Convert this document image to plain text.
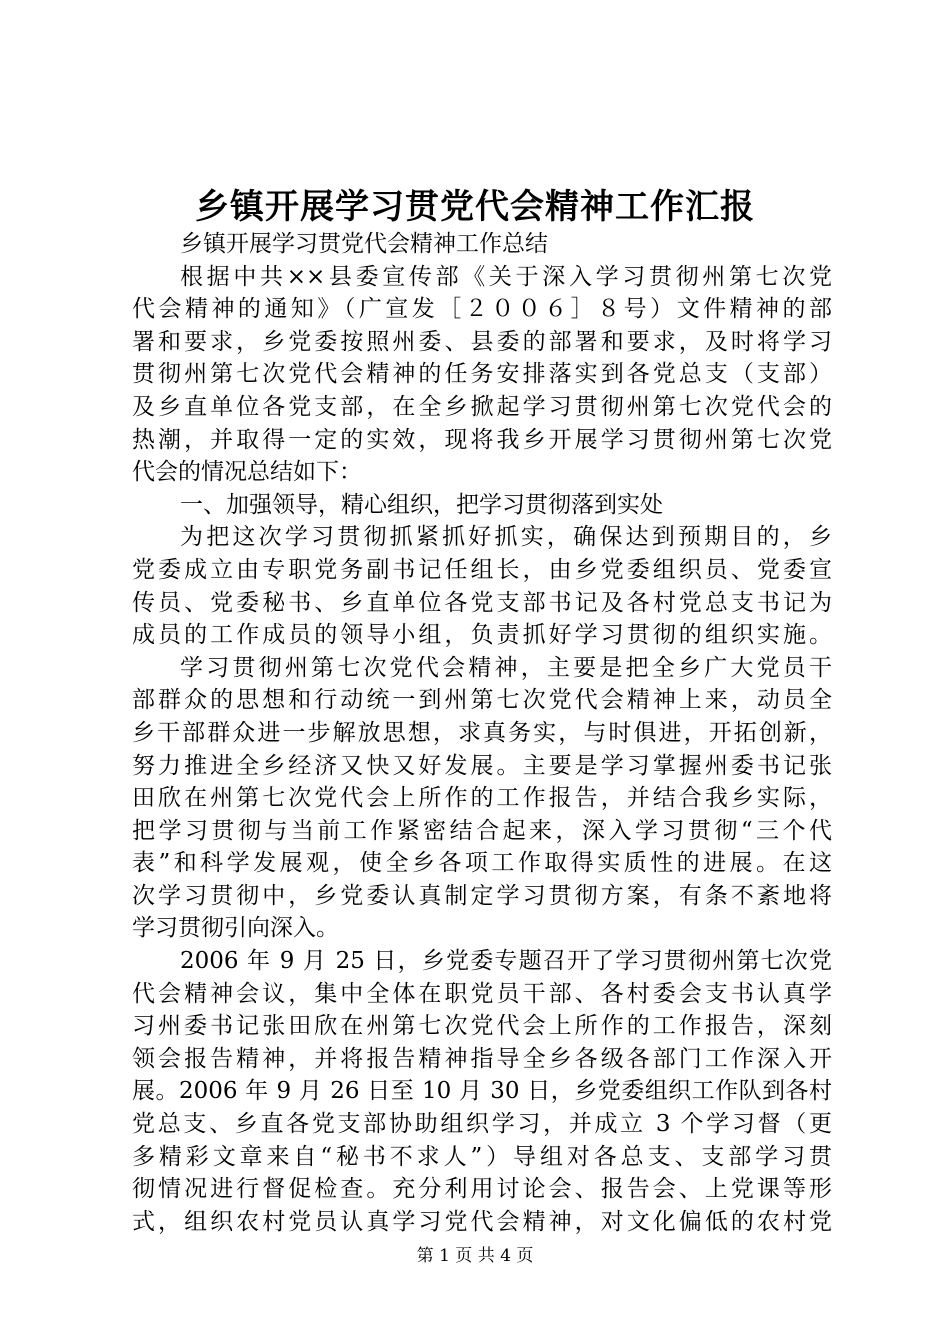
乡镇开展学习贯党代会精神工作汇报
乡镇开展学习贯党代会精神工作总结
根据中共××县委宣传部《关于深入学习贯彻州第七次党
代会精神的通知》（广宣发［２００６］８号）文件精神的部
署和要求，乡党委按照州委、县委的部署和要求，及时将学习
贯彻州第七次党代会精神的任务安排落实到各党总支（支部）
及乡直单位各党支部，在全乡掀起学习贯彻州第七次党代会的
热潮，并取得一定的实效，现将我乡开展学习贯彻州第七次党
代会的情况总结如下：
一、加强领导，精心组织，把学习贯彻落到实处
为把这次学习贯彻抓紧抓好抓实，确保达到预期目的，乡
党委成立由专职党务副书记任组长，由乡党委组织员、党委宣
传员、党委秘书、乡直单位各党支部书记及各村党总支书记为
成员的工作成员的领导小组，负责抓好学习贯彻的组织实施。
学习贯彻州第七次党代会精神，主要是把全乡广大党员干
部群众的思想和行动统一到州第七次党代会精神上来，动员全
乡干部群众进一步解放思想，求真务实，与时俱进，开拓创新，
努力推进全乡经济又快又好发展。主要是学习掌握州委书记张
田欣在州第七次党代会上所作的工作报告，并结合我乡实际，
把学习贯彻与当前工作紧密结合起来，深入学习贯彻“三个代
表”和科学发展观，使全乡各项工作取得实质性的进展。在这
次学习贯彻中，乡党委认真制定学习贯彻方案，有条不紊地将
学习贯彻引向深入。
2006 年 9 月 25 日，乡党委专题召开了学习贯彻州第七次党
代会精神会议，集中全体在职党员干部、各村委会支书认真学
习州委书记张田欣在州第七次党代会上所作的工作报告，深刻
领会报告精神，并将报告精神指导全乡各级各部门工作深入开
展。2006 年 9 月 26 日至 10 月 30 日，乡党委组织工作队到各村
党总支、乡直各党支部协助组织学习，并成立 3 个学习督（更
多精彩文章来自“秘书不求人”）导组对各总支、支部学习贯
彻情况进行督促检查。充分利用讨论会、报告会、上党课等形
式，组织农村党员认真学习党代会精神，对文化偏低的农村党
第 1 页 共 4 页
